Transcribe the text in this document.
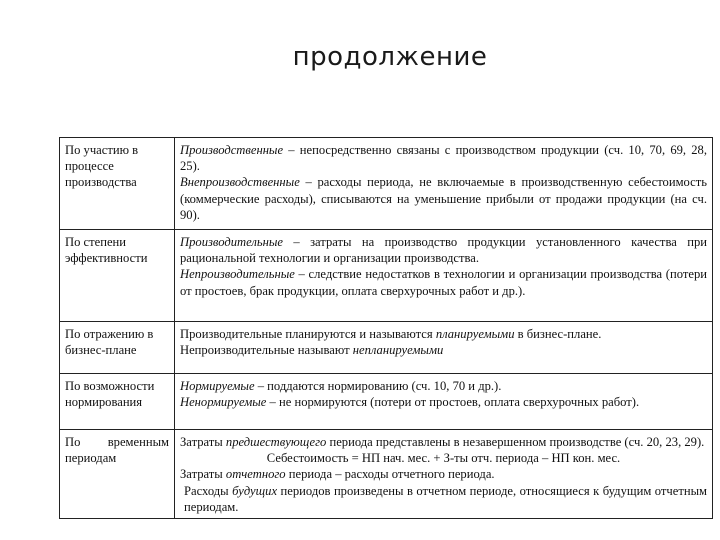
продолжение
По участию в процессе производства	Производственные – непосредственно связаны с производством продукции (сч. 10, 70, 69, 28, 25).
Внепроизводственные – расходы периода, не включаемые в производственную себестоимость (коммерческие расходы), списываются на уменьшение прибыли от продажи продукции (на сч. 90).

По степени эффективности	Производительные – затраты на производство продукции установленного качества при рациональной технологии и организации производства.
Непроизводительные – следствие недостатков в технологии и организации производства (потери от простоев, брак продукции, оплата сверхурочных работ и др.).

По отражению в бизнес-плане	Производительные планируются и называются планируемыми в бизнес-плане.
Непроизводительные называют непланируемыми

По возможности нормирования	Нормируемые – поддаются нормированию (сч. 10, 70 и др.).
Ненормируемые – не нормируются (потери от простоев, оплата сверхурочных работ).

По временным периодам	Затраты предшествующего периода представлены в незавершенном производстве (сч. 20, 23, 29).
Себестоимость = НП нач. мес. + З-ты отч. периода – НП кон. мес.
Затраты отчетного периода – расходы отчетного периода.
Расходы будущих периодов произведены в отчетном периоде, относящиеся к будущим отчетным периодам.
